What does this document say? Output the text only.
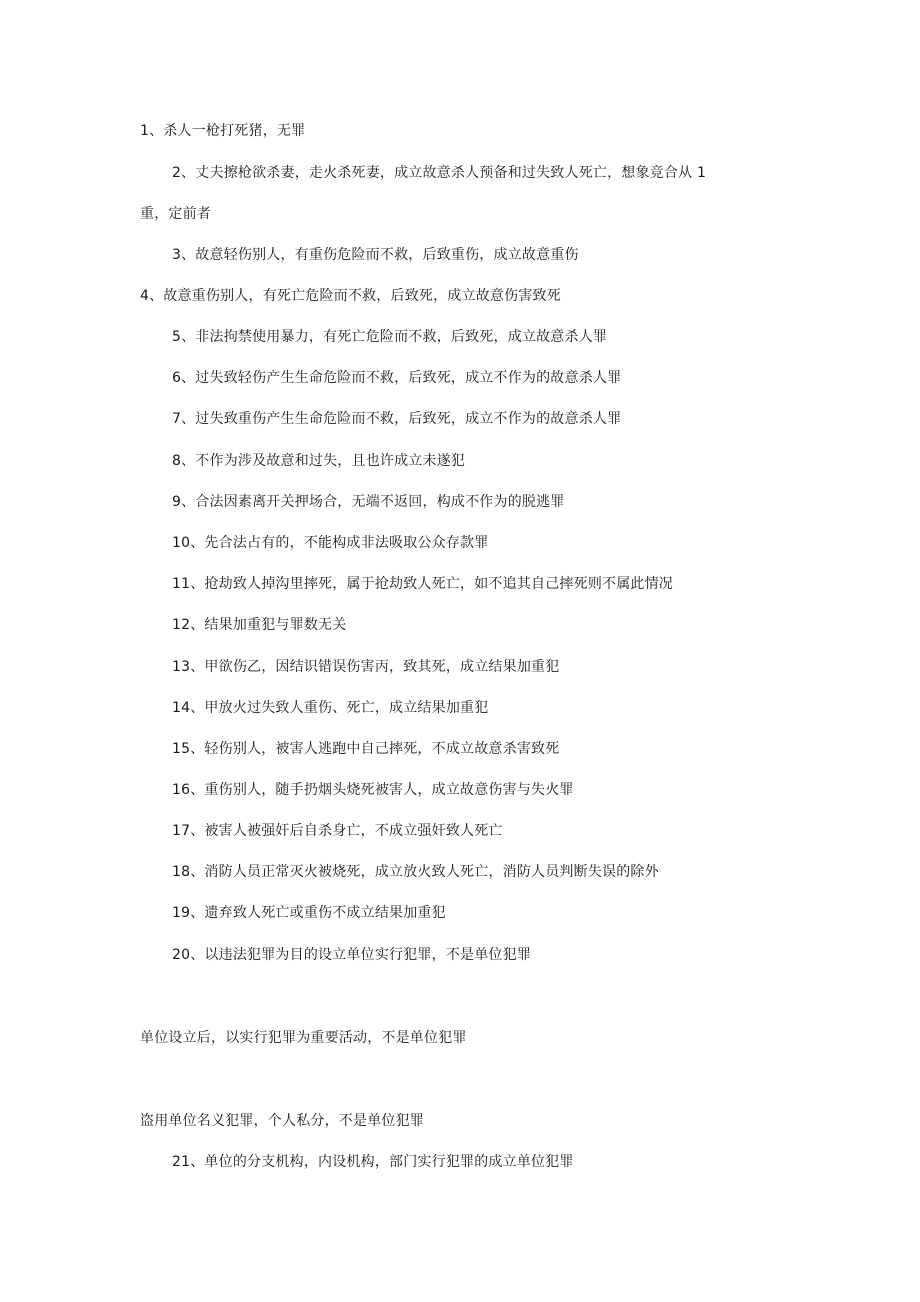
1、杀人一枪打死猪，无罪
2、丈夫擦枪欲杀妻，走火杀死妻，成立故意杀人预备和过失致人死亡，想象竞合从 1
重，定前者
3、故意轻伤别人，有重伤危险而不救，后致重伤，成立故意重伤
4、故意重伤别人，有死亡危险而不救，后致死，成立故意伤害致死
5、非法拘禁使用暴力，有死亡危险而不救，后致死，成立故意杀人罪
6、过失致轻伤产生生命危险而不救，后致死，成立不作为的故意杀人罪
7、过失致重伤产生生命危险而不救，后致死，成立不作为的故意杀人罪
8、不作为涉及故意和过失，且也许成立未遂犯
9、合法因素离开关押场合，无端不返回，构成不作为的脱逃罪
10、先合法占有的，不能构成非法吸取公众存款罪
11、抢劫致人掉沟里摔死，属于抢劫致人死亡，如不追其自己摔死则不属此情况
12、结果加重犯与罪数无关
13、甲欲伤乙，因结识错误伤害丙，致其死，成立结果加重犯
14、甲放火过失致人重伤、死亡，成立结果加重犯
15、轻伤别人，被害人逃跑中自己摔死，不成立故意杀害致死
16、重伤别人，随手扔烟头烧死被害人，成立故意伤害与失火罪
17、被害人被强奸后自杀身亡，不成立强奸致人死亡
18、消防人员正常灭火被烧死，成立放火致人死亡，消防人员判断失误的除外
19、遗弃致人死亡或重伤不成立结果加重犯
20、以违法犯罪为目的设立单位实行犯罪，不是单位犯罪
单位设立后，以实行犯罪为重要活动，不是单位犯罪
盗用单位名义犯罪，个人私分，不是单位犯罪
21、单位的分支机构，内设机构，部门实行犯罪的成立单位犯罪
